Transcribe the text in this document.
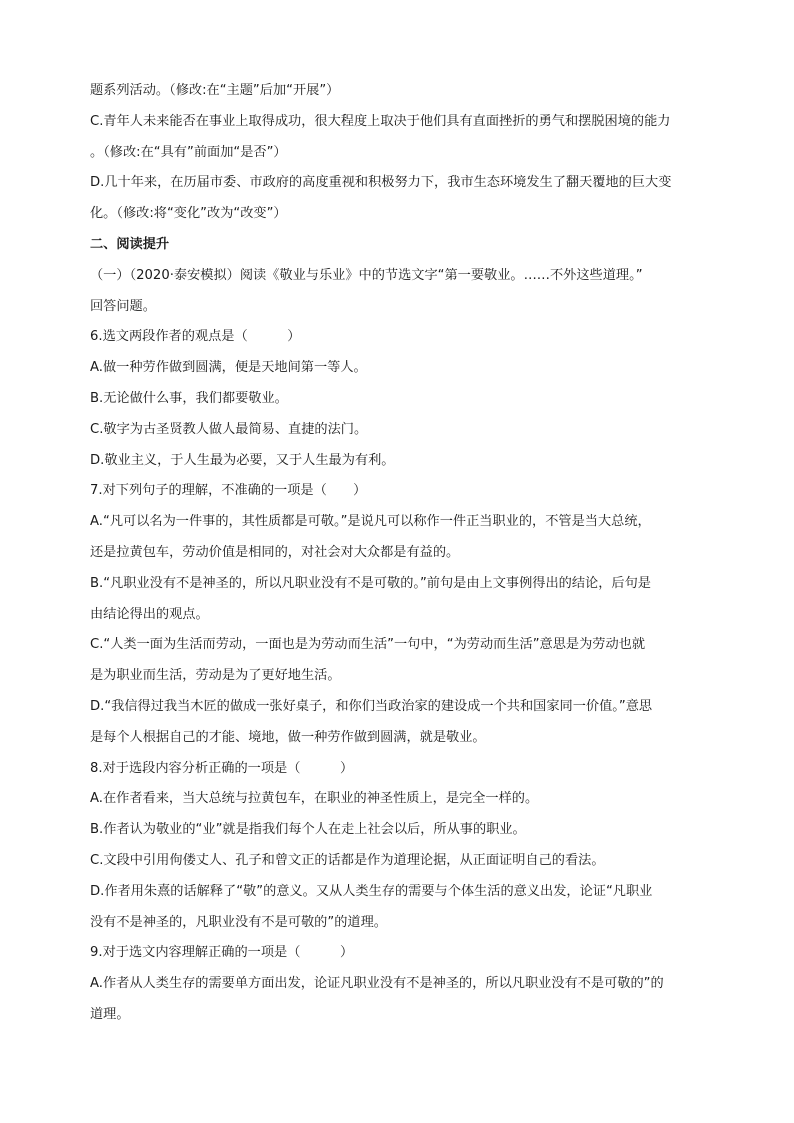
题系列活动。（修改:在“主题”后加“开展”）
C.青年人未来能否在事业上取得成功，很大程度上取决于他们具有直面挫折的勇气和摆脱困境的能力
。（修改:在“具有”前面加“是否”）
D.几十年来，在历届市委、市政府的高度重视和积极努力下，我市生态环境发生了翻天覆地的巨大变
化。（修改:将“变化”改为“改变”）
二、阅读提升
（一）（2020·泰安模拟）阅读《敬业与乐业》中的节选文字“第一要敬业。……不外这些道理。”
回答问题。
6.选文两段作者的观点是（　　　）
A.做一种劳作做到圆满，便是天地间第一等人。
B.无论做什么事，我们都要敬业。
C.敬字为古圣贤教人做人最简易、直捷的法门。
D.敬业主义，于人生最为必要，又于人生最为有利。
7.对下列句子的理解，不准确的一项是（　　）
A.“凡可以名为一件事的，其性质都是可敬。”是说凡可以称作一件正当职业的，不管是当大总统，
还是拉黄包车，劳动价值是相同的，对社会对大众都是有益的。
B.“凡职业没有不是神圣的，所以凡职业没有不是可敬的。”前句是由上文事例得出的结论，后句是
由结论得出的观点。
C.“人类一面为生活而劳动，一面也是为劳动而生活”一句中，“为劳动而生活”意思是为劳动也就
是为职业而生活，劳动是为了更好地生活。
D.“我信得过我当木匠的做成一张好桌子，和你们当政治家的建设成一个共和国家同一价值。”意思
是每个人根据自己的才能、境地，做一种劳作做到圆满，就是敬业。
8.对于选段内容分析正确的一项是（　　　）
A.在作者看来，当大总统与拉黄包车，在职业的神圣性质上，是完全一样的。
B.作者认为敬业的“业”就是指我们每个人在走上社会以后，所从事的职业。
C.文段中引用佝偻丈人、孔子和曾文正的话都是作为道理论据，从正面证明自己的看法。
D.作者用朱熹的话解释了“敬”的意义。又从人类生存的需要与个体生活的意义出发，论证“凡职业
没有不是神圣的，凡职业没有不是可敬的”的道理。
9.对于选文内容理解正确的一项是（　　　）
A.作者从人类生存的需要单方面出发，论证凡职业没有不是神圣的，所以凡职业没有不是可敬的”的
道理。
